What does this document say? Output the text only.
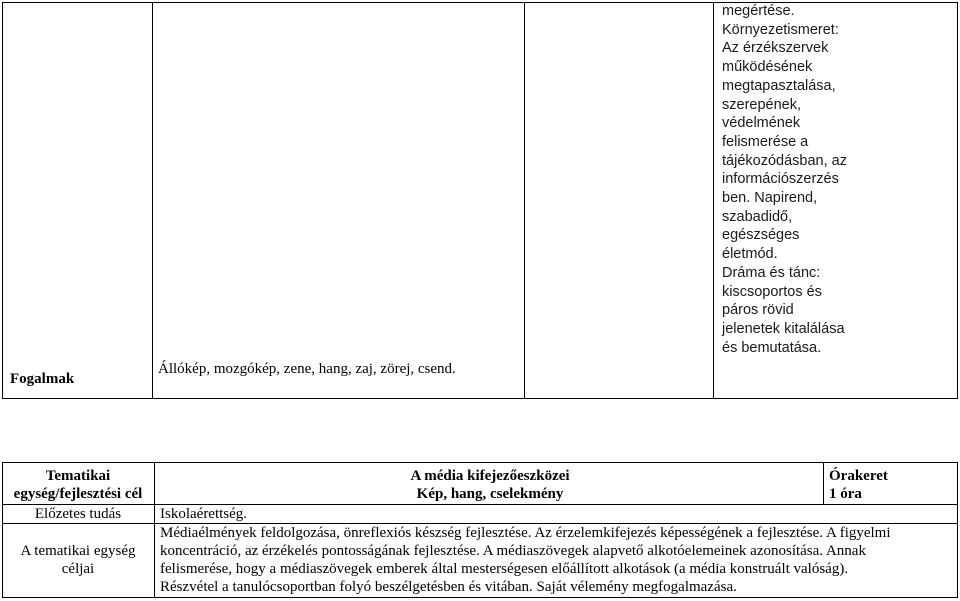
Fogalmak
Állókép, mozgókép, zene, hang, zaj, zörej, csend.
megértése.
Környezetismeret:
Az érzékszervek
működésének
megtapasztalása,
szerepének,
védelmének
felismerése a
tájékozódásban, az
információszerzés
ben. Napirend,
szabadidő,
egészséges
életmód.
Dráma és tánc:
kiscsoportos és
páros rövid
jelenetek kitalálása
és bemutatása.
Tematikai
egység/fejlesztési cél
A média kifejezőeszközei
Kép, hang, cselekmény
Órakeret
1 óra
Előzetes tudás	Iskolaérettség.
A tematikai egység
céljai
Médiaélmények feldolgozása, önreflexiós készség fejlesztése. Az érzelemkifejezés képességének a fejlesztése. A figyelmi
koncentráció, az érzékelés pontosságának fejlesztése. A médiaszövegek alapvető alkotóelemeinek azonosítása. Annak
felismerése, hogy a médiaszövegek emberek által mesterségesen előállított alkotások (a média konstruált valóság).
Részvétel a tanulócsoportban folyó beszélgetésben és vitában. Saját vélemény megfogalmazása.
